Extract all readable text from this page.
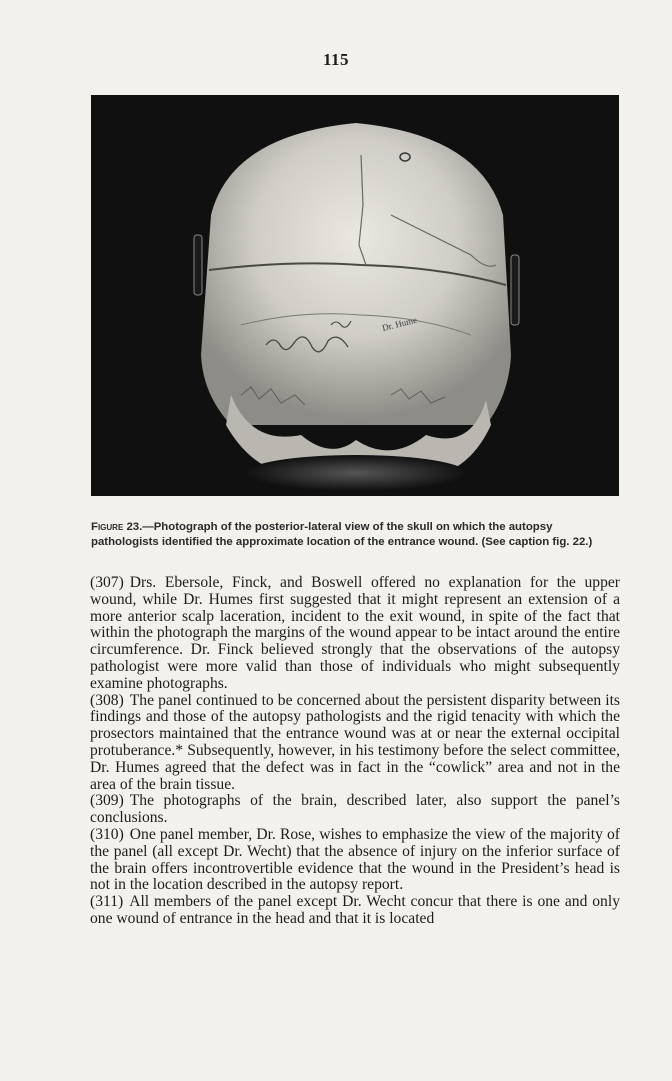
115
Dr. Hume
Figure 23.—Photograph of the posterior-lateral view of the skull on which the autopsy pathologists identified the approximate location of the entrance wound. (See caption fig. 22.)

(307) Drs. Ebersole, Finck, and Boswell offered no explanation for the upper wound, while Dr. Humes first suggested that it might represent an extension of a more anterior scalp laceration, incident to the exit wound, in spite of the fact that within the photograph the margins of the wound appear to be intact around the entire circumference. Dr. Finck believed strongly that the observations of the autopsy pathologist were more valid than those of individuals who might subsequently examine photographs.

(308) The panel continued to be concerned about the persistent disparity between its findings and those of the autopsy pathologists and the rigid tenacity with which the prosectors maintained that the entrance wound was at or near the external occipital protuberance.* Subsequently, however, in his testimony before the select committee, Dr. Humes agreed that the defect was in fact in the “cowlick” area and not in the area of the brain tissue.

(309) The photographs of the brain, described later, also support the panel’s conclusions.

(310) One panel member, Dr. Rose, wishes to emphasize the view of the majority of the panel (all except Dr. Wecht) that the absence of injury on the inferior surface of the brain offers incontrovertible evidence that the wound in the President’s head is not in the location described in the autopsy report.

(311) All members of the panel except Dr. Wecht concur that there is one and only one wound of entrance in the head and that it is located
